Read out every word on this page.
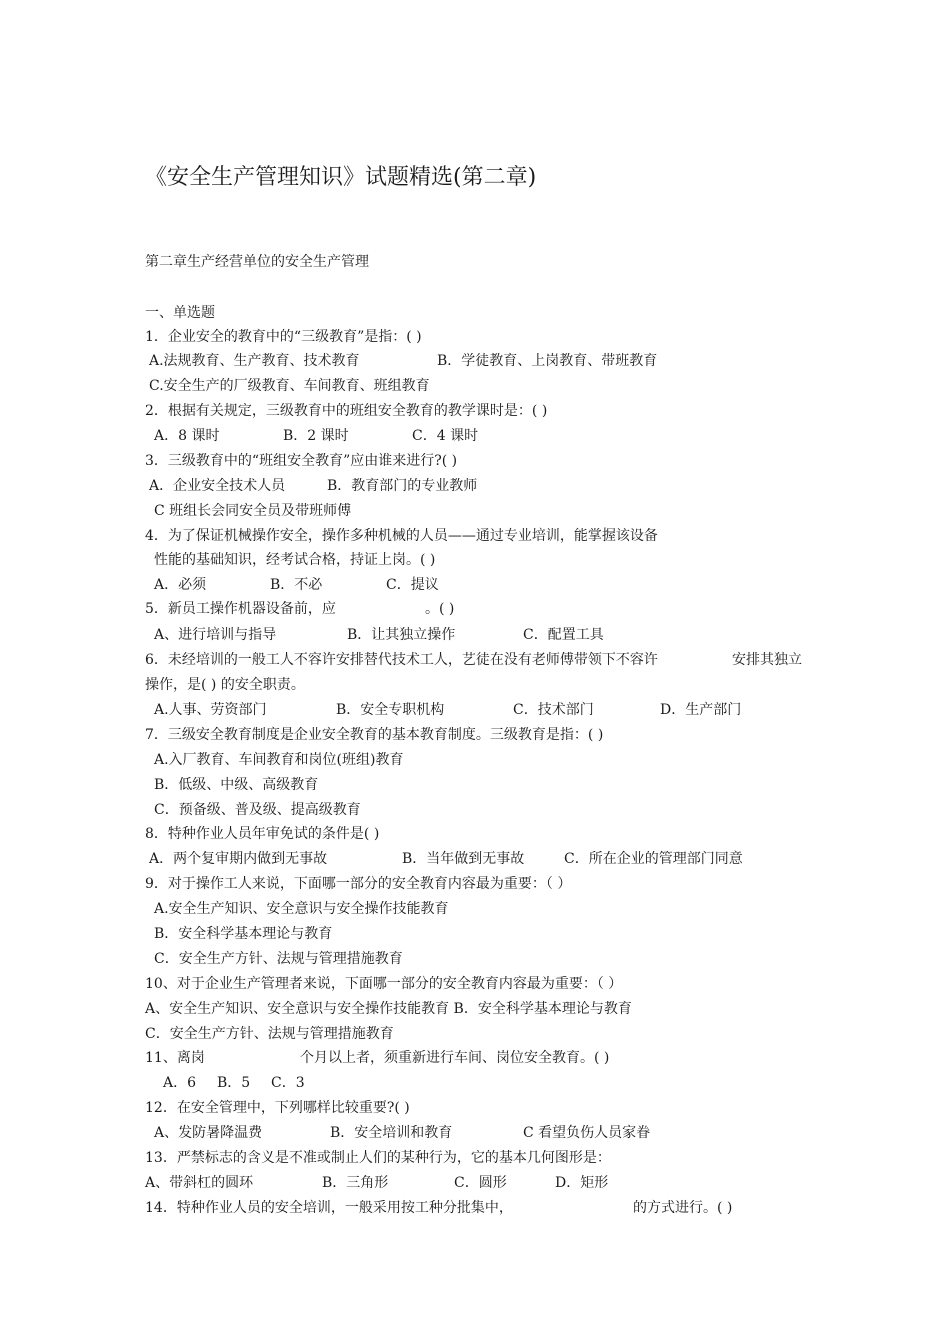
《安全生产管理知识》试题精选(第二章)
第二章生产经营单位的安全生产管理
一、单选题
1．企业安全的教育中的“三级教育”是指：( )
A.法规教育、生产教育、技术教育	B．学徒教育、上岗教育、带班教育
C.安全生产的厂级教育、车间教育、班组教育
2．根据有关规定，三级教育中的班组安全教育的教学课时是：( )
A．8 课时	B．2 课时	C．4 课时
3．三级教育中的“班组安全教育”应由谁来进行?( )
A．企业安全技术人员	B．教育部门的专业教师
C 班组长会同安全员及带班师傅
4．为了保证机械操作安全，操作多种机械的人员——通过专业培训，能掌握该设备
性能的基础知识，经考试合格，持证上岗。( )
A．必须	B．不必	C．提议
5．新员工操作机器设备前，应	。( )
A、进行培训与指导	B．让其独立操作	C．配置工具
6．未经培训的一般工人不容许安排替代技术工人，艺徒在没有老师傅带领下不容许	安排其独立
操作，是( ) 的安全职责。
A.人事、劳资部门	B．安全专职机构	C．技术部门	D．生产部门
7．三级安全教育制度是企业安全教育的基本教育制度。三级教育是指：( )
A.入厂教育、车间教育和岗位(班组)教育
B．低级、中级、高级教育
C．预备级、普及级、提高级教育
8．特种作业人员年审免试的条件是( )
A．两个复审期内做到无事故	B．当年做到无事故	C．所在企业的管理部门同意
9．对于操作工人来说，下面哪一部分的安全教育内容最为重要：（ ）
A.安全生产知识、安全意识与安全操作技能教育
B．安全科学基本理论与教育
C．安全生产方针、法规与管理措施教育
10、对于企业生产管理者来说，下面哪一部分的安全教育内容最为重要：（ ）
A、安全生产知识、安全意识与安全操作技能教育 B．安全科学基本理论与教育
C．安全生产方针、法规与管理措施教育
11、离岗	个月以上者，须重新进行车间、岗位安全教育。( )
A．6 B．5 C．3
12．在安全管理中，下列哪样比较重要?( )
A、发防暑降温费	B．安全培训和教育	C 看望负伤人员家眷
13．严禁标志的含义是不准或制止人们的某种行为，它的基本几何图形是：
A、带斜杠的圆环	B．三角形	C．圆形	D．矩形
14．特种作业人员的安全培训，一般采用按工种分批集中，	的方式进行。( )
